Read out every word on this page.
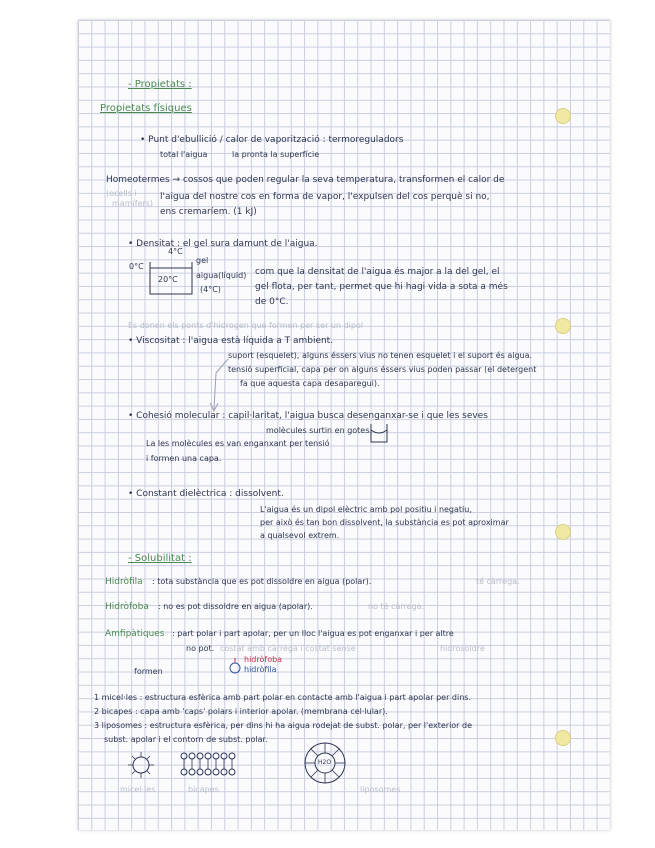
- Propietats :
Propietats físiques
• Punt d'ebullició / calor de vaporització : termoreguladors
total l'aigua	la pronta la superfície
Homeotermes → cossos que poden regular la seva temperatura, transformen el calor de
(ocells i
mamífers)
l'aigua del nostre cos en forma de vapor, l'expulsen del cos perquè si no,
ens cremaríem. (1 kJ)
• Densitat : el gel sura damunt de l'aigua.
4°C
0°C
gel
aigua(líquid)
(4°C)
20°C
com que la densitat de l'aigua és major a la del gel, el
gel flota, per tant, permet que hi hagi vida a sota a més
de 0°C.
Es donen els ponts d'hidrogen que formen per ser un dipol
• Viscositat : l'aigua està líquida a T ambient.
suport (esquelet), alguns éssers vius no tenen esquelet i el suport és aigua.
tensió superficial, capa per on alguns éssers vius poden passar (el detergent
fa que aquesta capa desaparegui).
• Cohesió molecular : capil·laritat, l'aigua busca desenganxar-se i que les seves
molècules surtin en gotes.
La les molècules es van enganxant per tensió
i formen una capa.
• Constant dielèctrica : dissolvent.
L'aigua és un dipol elèctric amb pol positiu i negatiu,
per això és tan bon dissolvent, la substància es pot aproximar
a qualsevol extrem.
- Solubilitat :
Hidròfila : tota substància que es pot dissoldre en aigua (polar).	té càrrega.
Hidròfoba : no es pot dissoldre en aigua (apolar).	no té càrrega.
Amfipàtiques : part polar i part apolar, per un lloc l'aigua es pot enganxar i per altre
no pot. costat amb càrrega i costat sense	hidrosoldre
hidròfoba
hidròfila
formen
1 micel·les : estructura esfèrica amb part polar en contacte amb l'aigua i part apolar per dins.
2 bicapes : capa amb 'caps' polars i interior apolar. (membrana cel·lular).
3 liposomes : estructura esfèrica, per dins hi ha aigua rodejat de subst. polar, per l'exterior de
subst. apolar i el contorn de subst. polar.
H2O
micel·les	bicapes	liposomes
